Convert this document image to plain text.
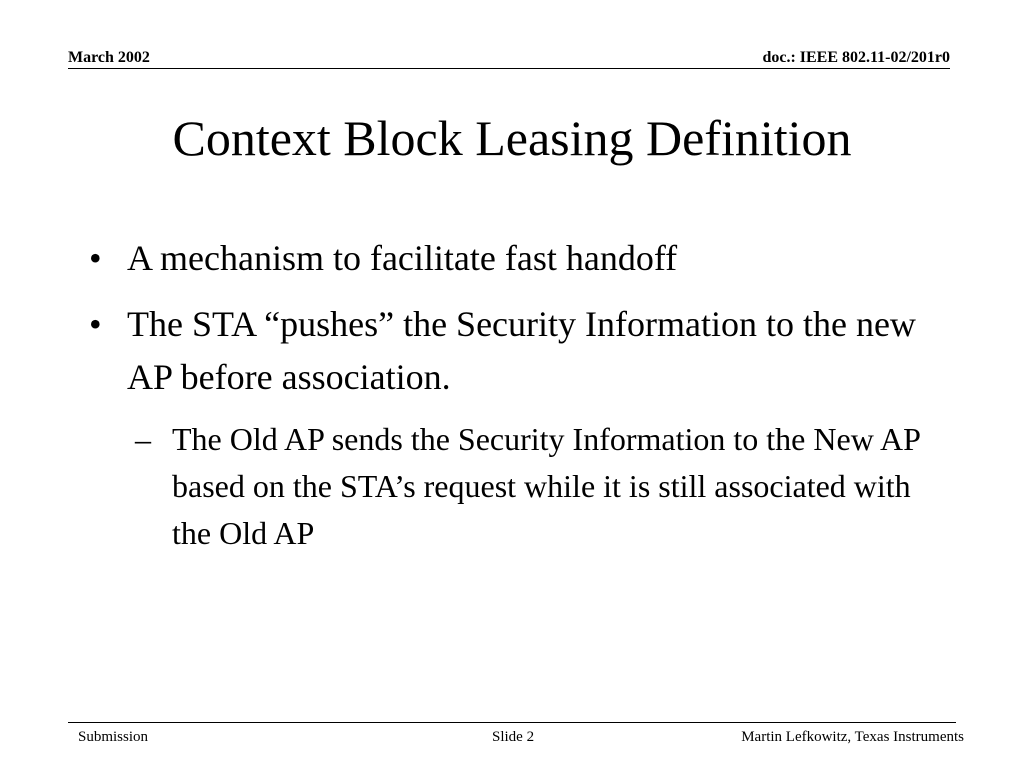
March 2002	doc.: IEEE 802.11-02/201r0
Context Block Leasing Definition
• A mechanism to facilitate fast handoff
• The STA “pushes” the Security Information to the new AP before association.
– The Old AP sends the Security Information to the New AP based on the STA’s request while it is still associated with the Old AP
Submission	Slide 2	Martin Lefkowitz, Texas Instruments
